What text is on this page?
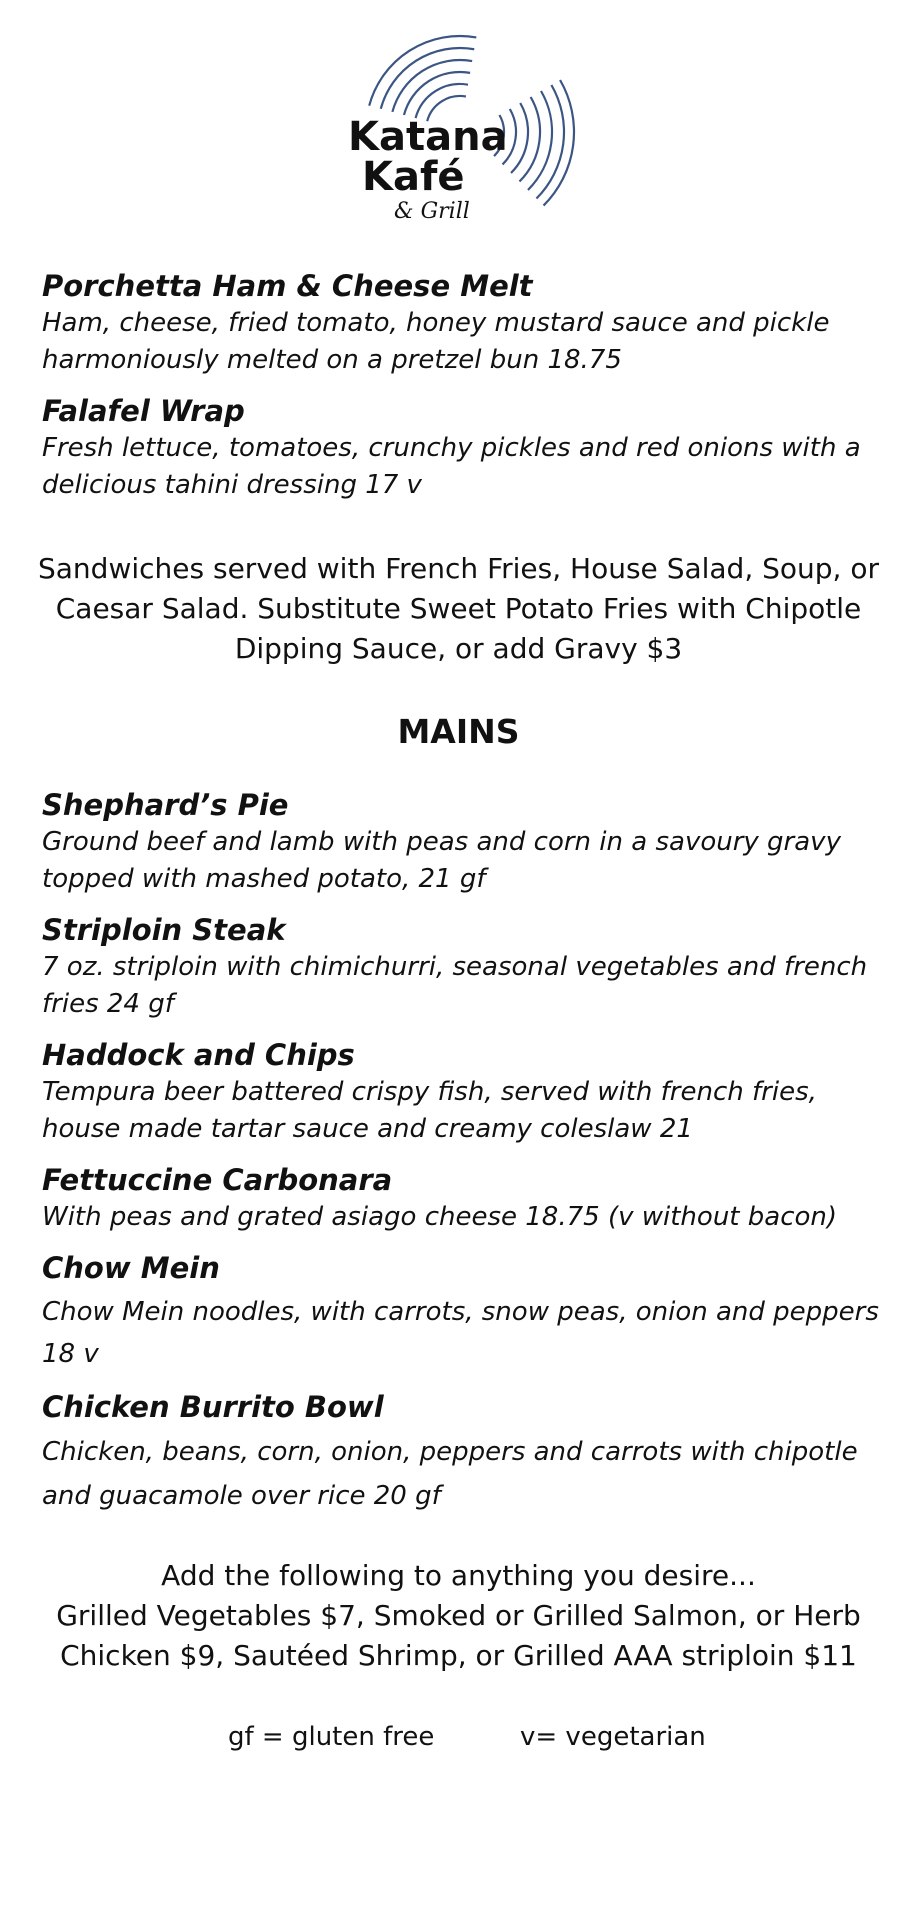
Katana
Kafé
& Grill

Porchetta Ham & Cheese Melt

Ham, cheese, fried tomato, honey mustard sauce and pickle harmoniously melted on a pretzel bun 18.75

Falafel Wrap

Fresh lettuce, tomatoes, crunchy pickles and red onions with a delicious tahini dressing 17 v

Sandwiches served with French Fries, House Salad, Soup, or Caesar Salad. Substitute Sweet Potato Fries with Chipotle Dipping Sauce, or add Gravy $3
MAINS

Shephard’s Pie

Ground beef and lamb with peas and corn in a savoury gravy topped with mashed potato, 21 gf

Striploin Steak

7 oz. striploin with chimichurri, seasonal vegetables and french fries 24 gf

Haddock and Chips

Tempura beer battered crispy fish, served with french fries, house made tartar sauce and creamy coleslaw 21

Fettuccine Carbonara

With peas and grated asiago cheese 18.75 (v without bacon)

Chow Mein

Chow Mein noodles, with carrots, snow peas, onion and peppers 18 v

Chicken Burrito Bowl

Chicken, beans, corn, onion, peppers and carrots with chipotle and guacamole over rice 20 gf

Add the following to anything you desire...
Grilled Vegetables $7, Smoked or Grilled Salmon, or Herb Chicken $9, Sautéed Shrimp, or Grilled AAA striploin $11
gf = gluten free	v= vegetarian
